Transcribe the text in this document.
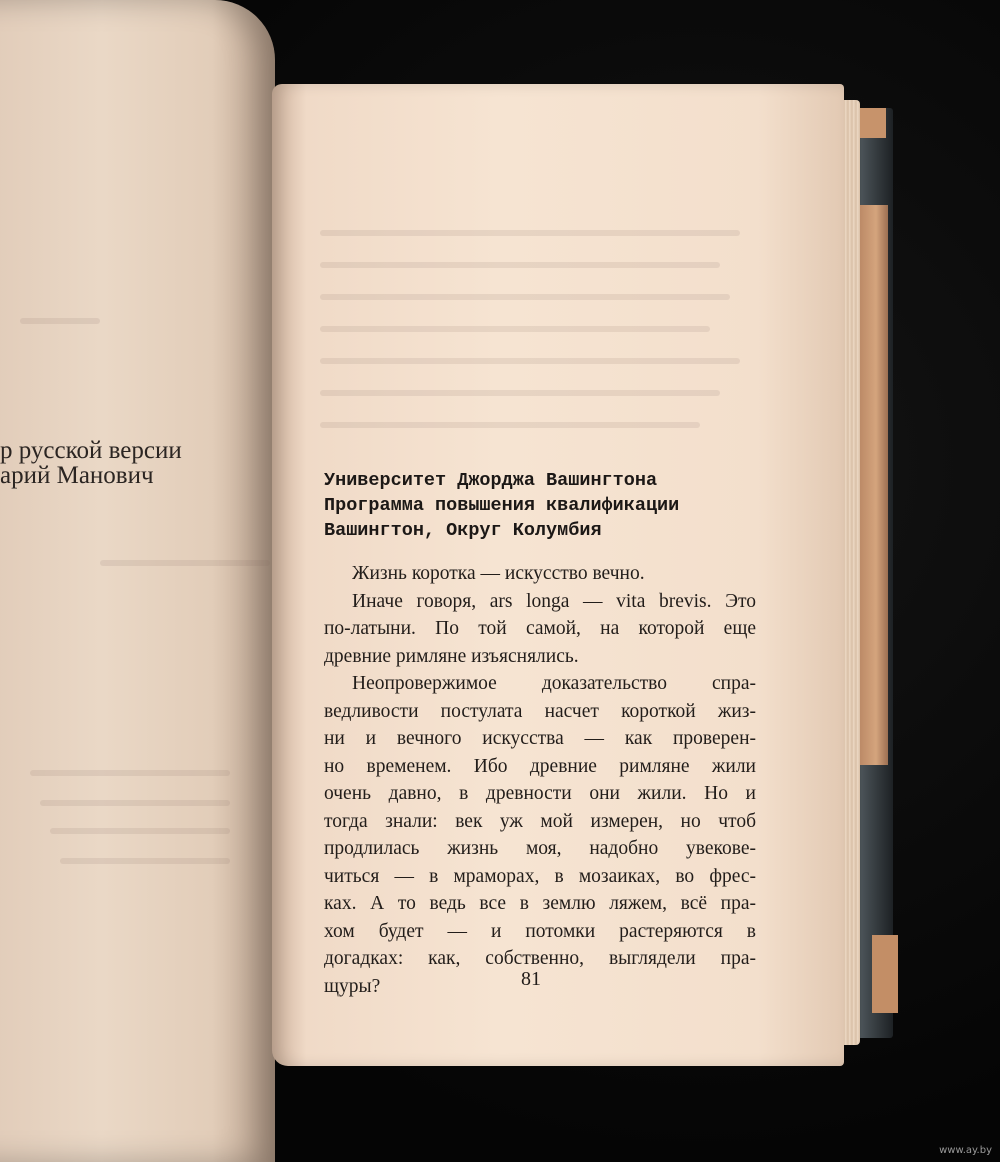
р русской версии
арий Манович	Университет Джорджа Вашингтона
Программа повышения квалификации
Вашингтон, Округ Колумбия
Жизнь коротка — искусство вечно.
Иначе говоря, ars longa — vita brevis. Это
по-латыни. По той самой, на которой еще
древние римляне изъяснялись.
Неопровержимое доказательство спра-
ведливости постулата насчет короткой жиз-
ни и вечного искусства — как проверен-
но временем. Ибо древние римляне жили
очень давно, в древности они жили. Но и
тогда знали: век уж мой измерен, но чтоб
продлилась жизнь моя, надобно увекове-
читься — в мраморах, в мозаиках, во фрес-
ках. А то ведь все в землю ляжем, всё пра-
хом будет — и потомки растеряются в
догадках: как, собственно, выглядели пра-
щуры?	81
www.ay.by
